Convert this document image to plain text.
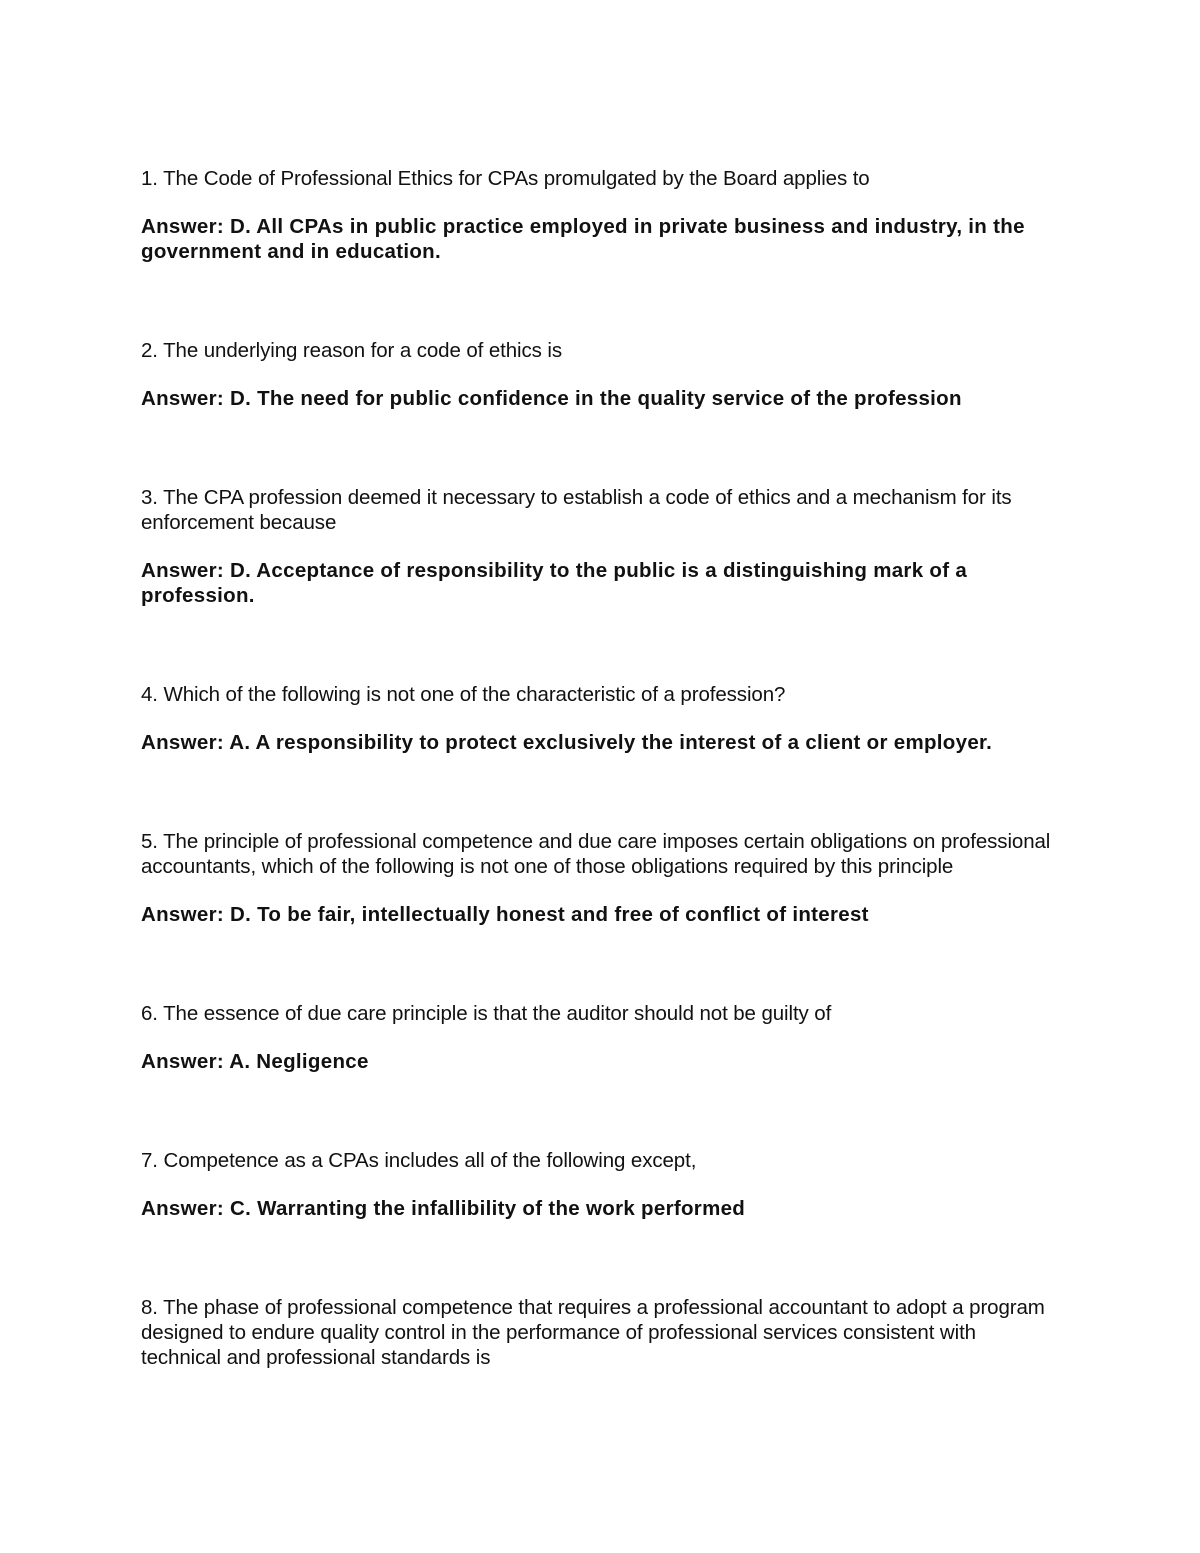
1. The Code of Professional Ethics for CPAs promulgated by the Board applies to

Answer: D. All CPAs in public practice employed in private business and industry, in the government and in education.

2. The underlying reason for a code of ethics is

Answer: D. The need for public confidence in the quality service of the profession

3. The CPA profession deemed it necessary to establish a code of ethics and a mechanism for its enforcement because

Answer: D. Acceptance of responsibility to the public is a distinguishing mark of a profession.

4. Which of the following is not one of the characteristic of a profession?

Answer: A. A responsibility to protect exclusively the interest of a client or employer.

5. The principle of professional competence and due care imposes certain obligations on professional accountants, which of the following is not one of those obligations required by this principle

Answer: D. To be fair, intellectually honest and free of conflict of interest

6. The essence of due care principle is that the auditor should not be guilty of

Answer: A. Negligence

7. Competence as a CPAs includes all of the following except,

Answer: C. Warranting the infallibility of the work performed

8. The phase of professional competence that requires a professional accountant to adopt a program designed to endure quality control in the performance of professional services consistent with technical and professional standards is
